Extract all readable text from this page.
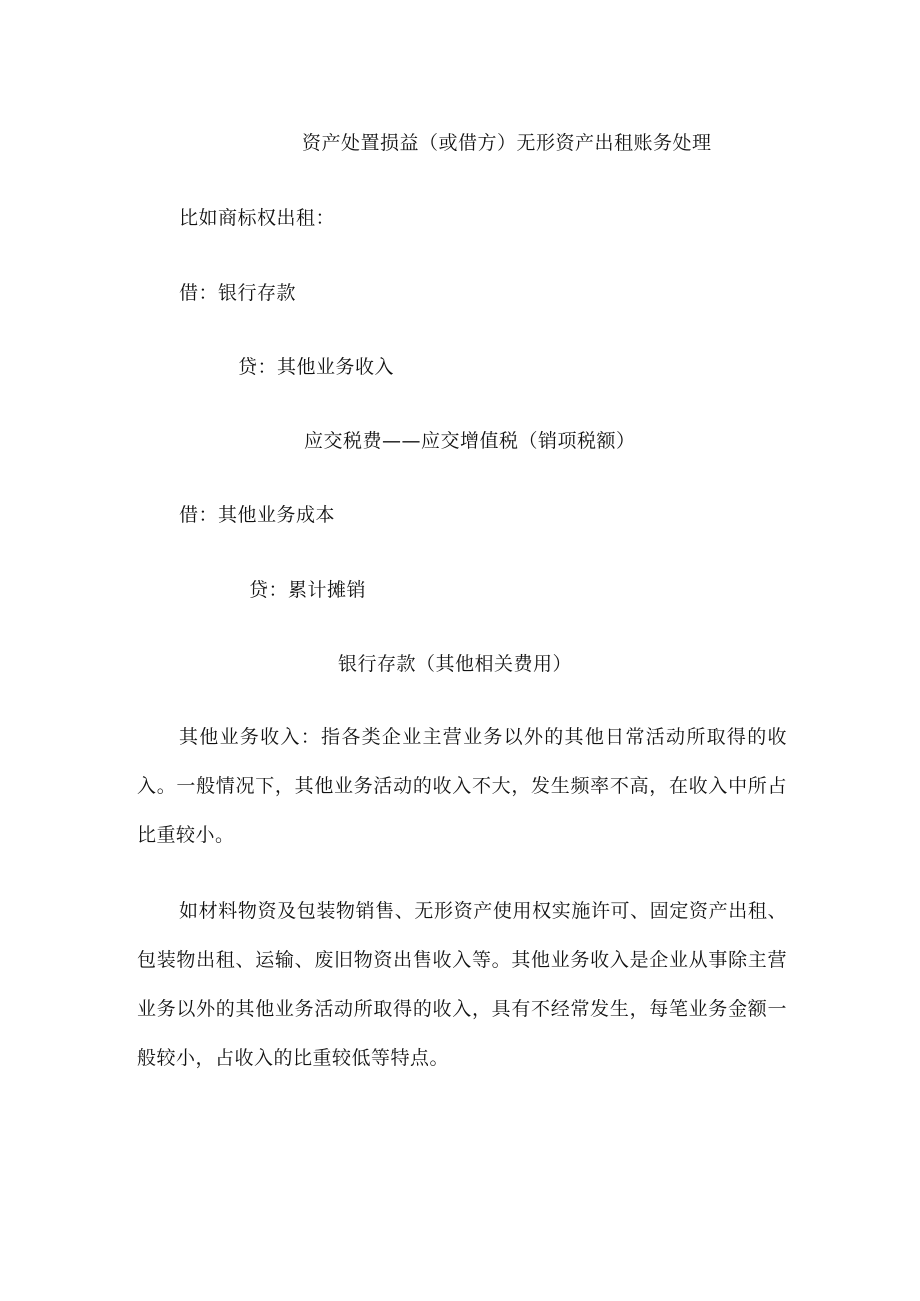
资产处置损益（或借方）无形资产出租账务处理
比如商标权出租：
借：银行存款
贷：其他业务收入
应交税费——应交增值税（销项税额）
借：其他业务成本
贷：累计摊销
银行存款（其他相关费用）

其他业务收入：指各类企业主营业务以外的其他日常活动所取得的收入。一般情况下，其他业务活动的收入不大，发生频率不高，在收入中所占比重较小。

如材料物资及包装物销售、无形资产使用权实施许可、固定资产出租、包装物出租、运输、废旧物资出售收入等。其他业务收入是企业从事除主营业务以外的其他业务活动所取得的收入，具有不经常发生，每笔业务金额一般较小，占收入的比重较低等特点。
